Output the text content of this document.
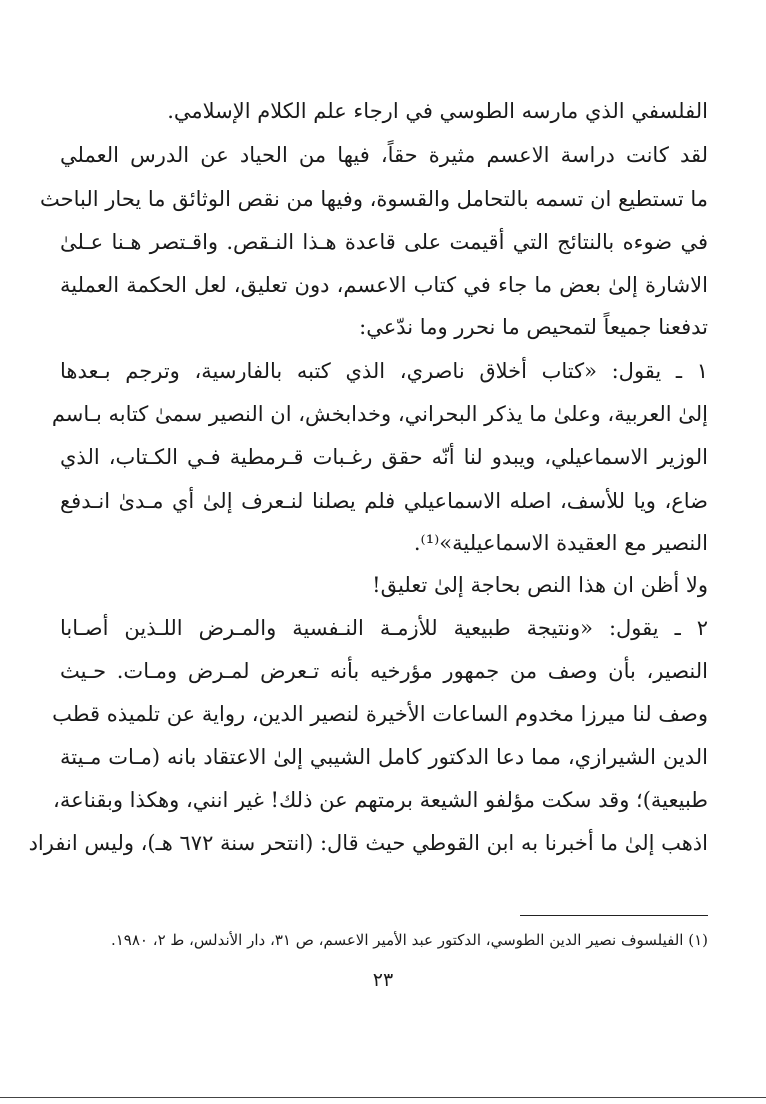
الفلسفي الذي مارسه الطوسي في ارجاء علم الكلام الإسلامي.
لقد كانت دراسة الاعسم مثيرة حقاً، فيها من الحياد عن الدرس العملي
ما تستطيع ان تسمه بالتحامل والقسوة، وفيها من نقص الوثائق ما يحار الباحث
في ضوءه بالنتائج التي أقيمت على قاعدة هـذا النـقص. واقـتصر هـنا عـلىٰ
الاشارة إلىٰ بعض ما جاء في كتاب الاعسم، دون تعليق، لعل الحكمة العملية
تدفعنا جميعاً لتمحيص ما نحرر وما ندّعي:
١ ـ يقول: «كتاب أخلاق ناصري، الذي كتبه بالفارسية، وترجم بـعدها
إلىٰ العربية، وعلىٰ ما يذكر البحراني، وخدابخش، ان النصير سمىٰ كتابه بـاسم
الوزير الاسماعيلي، ويبدو لنا أنّه حقق رغـبات قـرمطية فـي الكـتاب، الذي
ضاع، ويا للأسف، اصله الاسماعيلي فلم يصلنا لنـعرف إلىٰ أي مـدىٰ انـدفع
النصير مع العقيدة الاسماعيلية»⁽¹⁾.
ولا أظن ان هذا النص بحاجة إلىٰ تعليق!
٢ ـ يقول: «ونتيجة طبيعية للأزمـة النـفسية والمـرض اللـذين أصـابا
النصير، بأن وصف من جمهور مؤرخيه بأنه تـعرض لمـرض ومـات. حـيث
وصف لنا ميرزا مخدوم الساعات الأخيرة لنصير الدين، رواية عن تلميذه قطب
الدين الشيرازي، مما دعا الدكتور كامل الشيبي إلىٰ الاعتقاد بانه (مـات مـيتة
طبيعية)؛ وقد سكت مؤلفو الشيعة برمتهم عن ذلك! غير انني، وهكذا وبقناعة،
اذهب إلىٰ ما أخبرنا به ابن القوطي حيث قال: (انتحر سنة ٦٧٢ هـ)، وليس انفراد
(١) الفيلسوف نصير الدين الطوسي، الدكتور عبد الأمير الاعسم، ص ٣١، دار الأندلس، ط ٢، ١٩٨٠.
٢٣
